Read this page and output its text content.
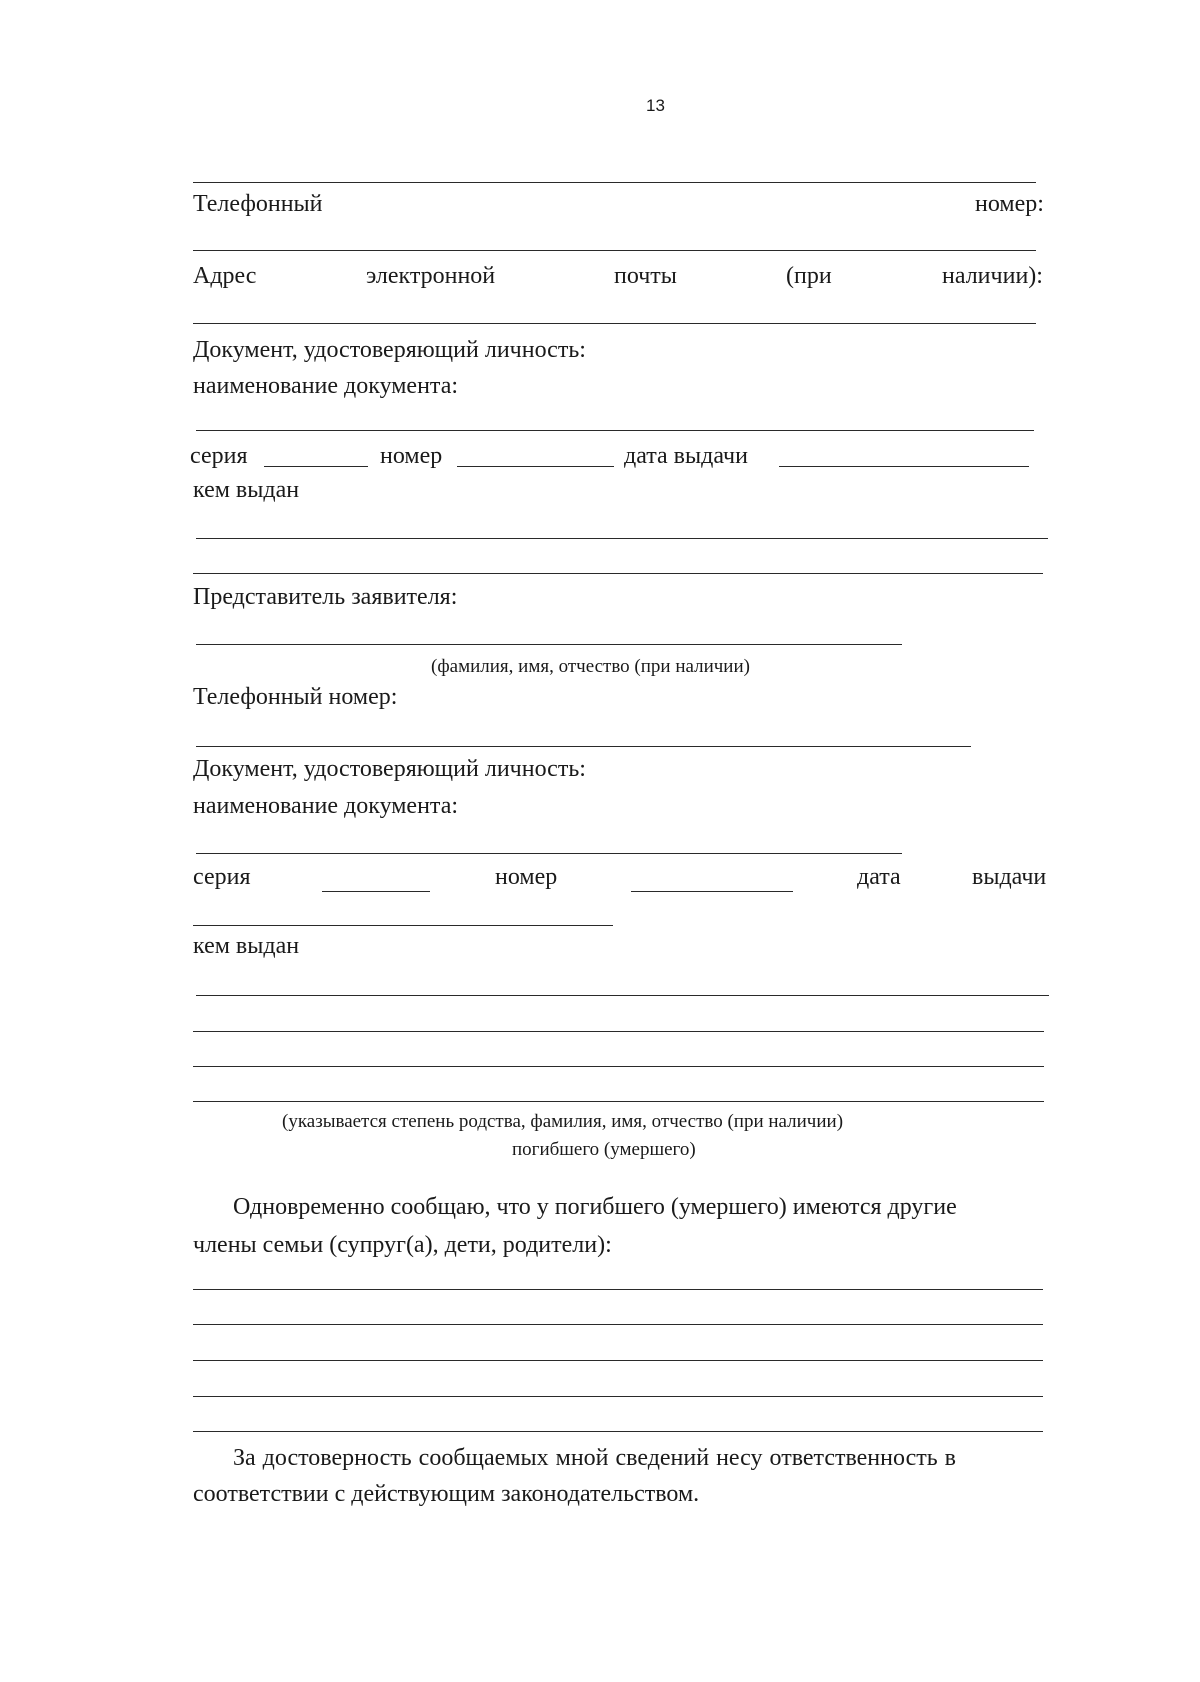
13
Телефонный	номер:
Адрес	электронной	почты	(при	наличии):
Документ, удостоверяющий личность:
наименование документа:
серия	номер	дата выдачи
кем выдан
Представитель заявителя:
(фамилия, имя, отчество (при наличии)
Телефонный номер:
Документ, удостоверяющий личность:
наименование документа:
серия	номер	дата	выдачи
кем выдан
(указывается степень родства, фамилия, имя, отчество (при наличии)
погибшего (умершего)
Одновременно сообщаю, что у погибшего (умершего) имеются другие
члены семьи (супруг(а), дети, родители):
За достоверность сообщаемых мной сведений несу ответственность в
соответствии с действующим законодательством.
